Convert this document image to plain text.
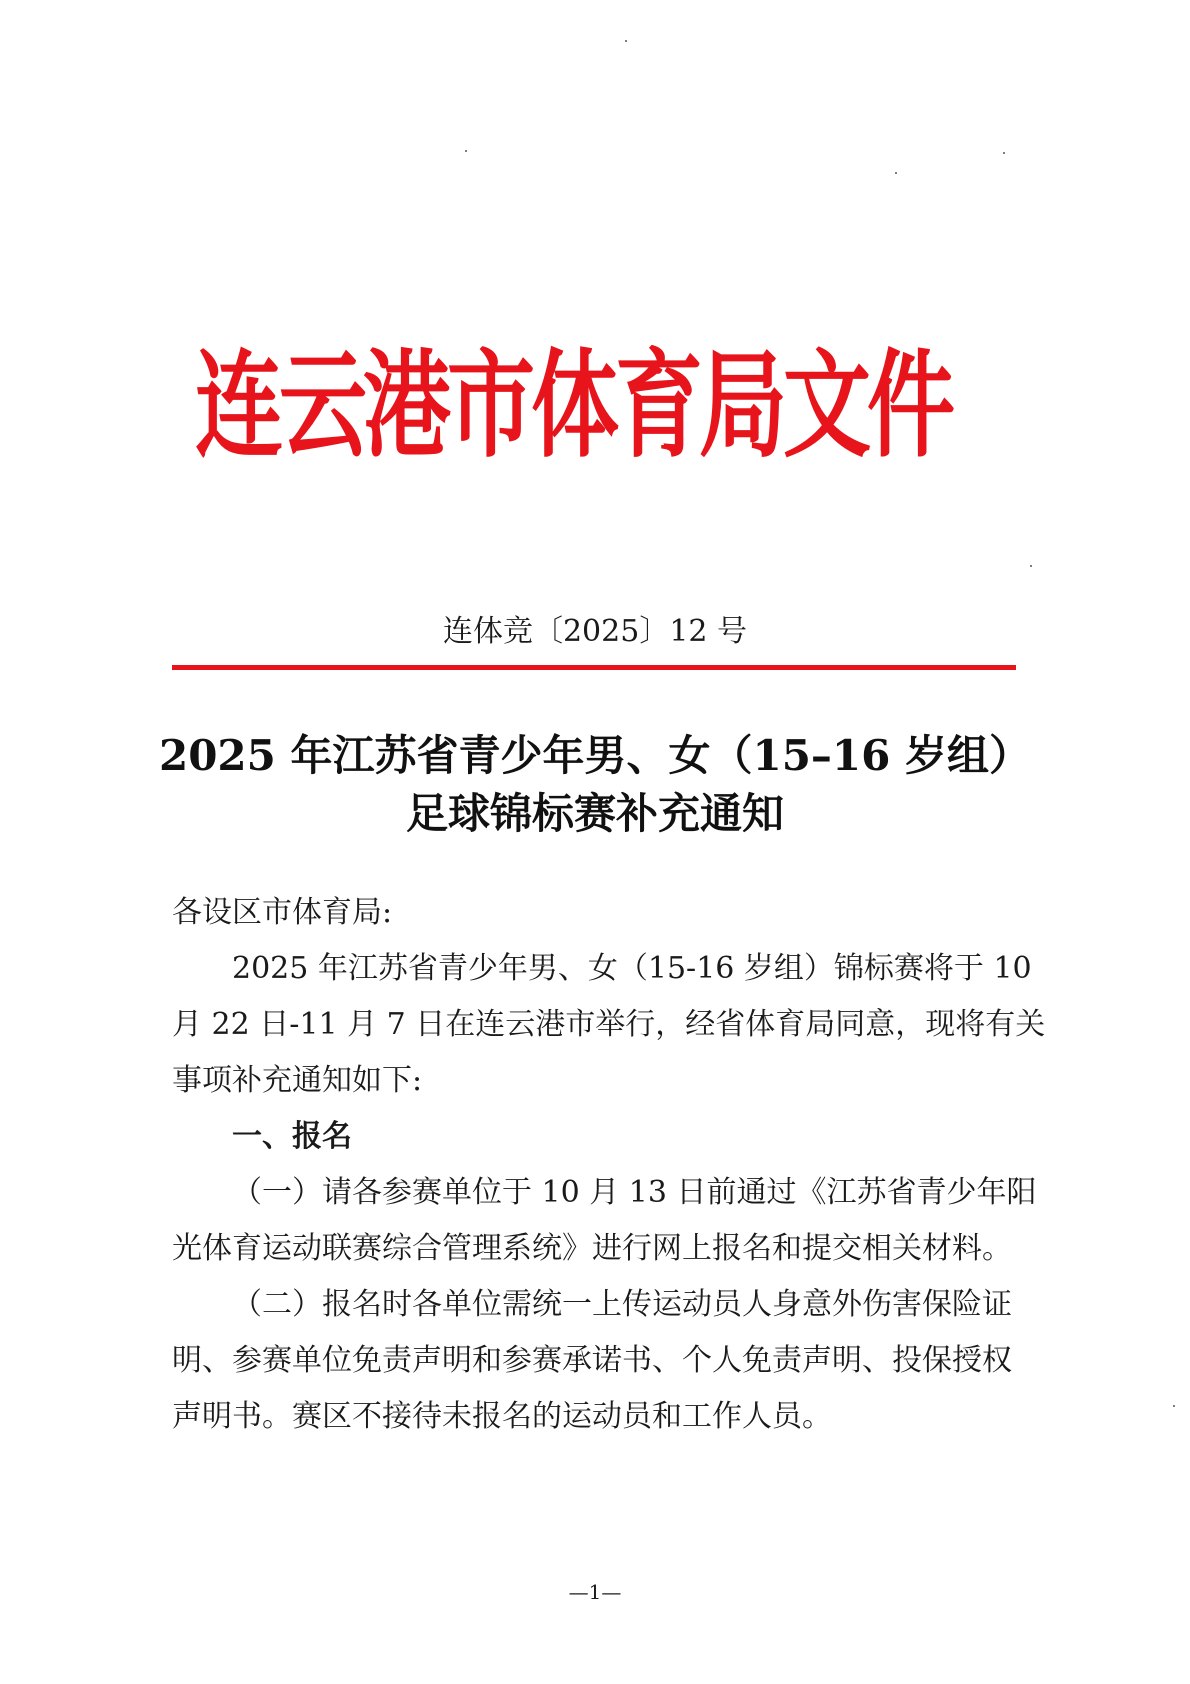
连云港市体育局文件
连体竞〔2025〕12 号
2025 年江苏省青少年男、女（15–16 岁组）
足球锦标赛补充通知
各设区市体育局:
2025 年江苏省青少年男、女（15-16 岁组）锦标赛将于 10
月 22 日-11 月 7 日在连云港市举行，经省体育局同意，现将有关
事项补充通知如下:
一、报名
（一）请各参赛单位于 10 月 13 日前通过《江苏省青少年阳
光体育运动联赛综合管理系统》进行网上报名和提交相关材料。
（二）报名时各单位需统一上传运动员人身意外伤害保险证
明、参赛单位免责声明和参赛承诺书、个人免责声明、投保授权
声明书。赛区不接待未报名的运动员和工作人员。
—1—
